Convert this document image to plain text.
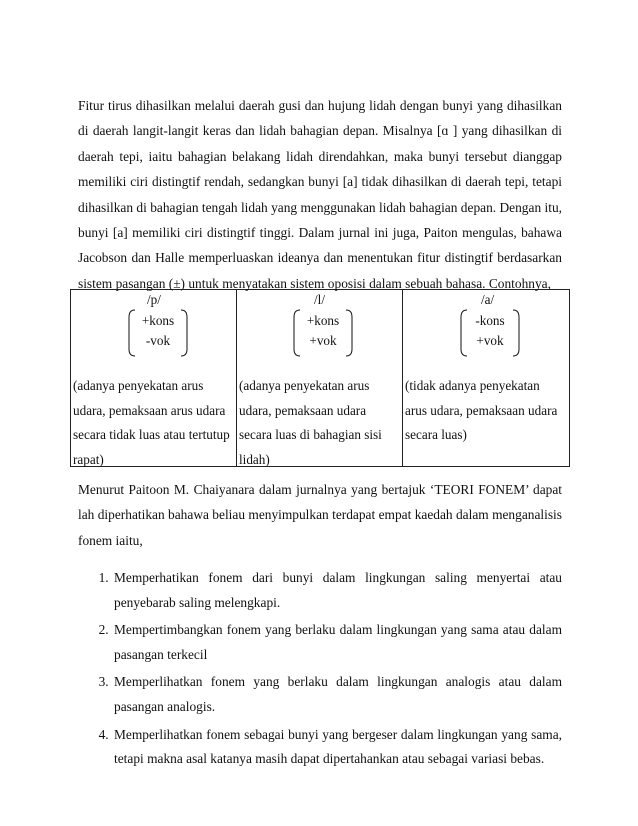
Fitur tirus dihasilkan melalui daerah gusi dan hujung lidah dengan bunyi yang dihasilkan di daerah langit-langit keras dan lidah bahagian depan. Misalnya [ɑ ] yang dihasilkan di daerah tepi, iaitu bahagian belakang lidah direndahkan, maka bunyi tersebut dianggap memiliki ciri distingtif rendah, sedangkan bunyi [a] tidak dihasilkan di daerah tepi, tetapi dihasilkan di bahagian tengah lidah yang menggunakan lidah bahagian depan. Dengan itu, bunyi [a] memiliki ciri distingtif tinggi. Dalam jurnal ini juga, Paiton mengulas, bahawa Jacobson dan Halle memperluaskan ideanya dan menentukan fitur distingtif berdasarkan sistem pasangan (±) untuk menyatakan sistem oposisi dalam sebuah bahasa. Contohnya,

/p/
+kons
-vok
(adanya penyekatan arus udara, pemaksaan arus udara secara tidak luas atau tertutup rapat)

/l/
+kons
+vok
(adanya penyekatan arus udara, pemaksaan udara secara luas di bahagian sisi lidah)

/a/
-kons
+vok
(tidak adanya penyekatan arus udara, pemaksaan udara secara luas)

Menurut Paitoon M. Chaiyanara dalam jurnalnya yang bertajuk ‘TEORI FONEM’ dapat lah diperhatikan bahawa beliau menyimpulkan terdapat empat kaedah dalam menganalisis fonem iaitu,

1. Memperhatikan fonem dari bunyi dalam lingkungan saling menyertai atau penyebarab saling melengkapi.
2. Mempertimbangkan fonem yang berlaku dalam lingkungan yang sama atau dalam pasangan terkecil
3. Memperlihatkan fonem yang berlaku dalam lingkungan analogis atau dalam pasangan analogis.
4. Memperlihatkan fonem sebagai bunyi yang bergeser dalam lingkungan yang sama, tetapi makna asal katanya masih dapat dipertahankan atau sebagai variasi bebas.
